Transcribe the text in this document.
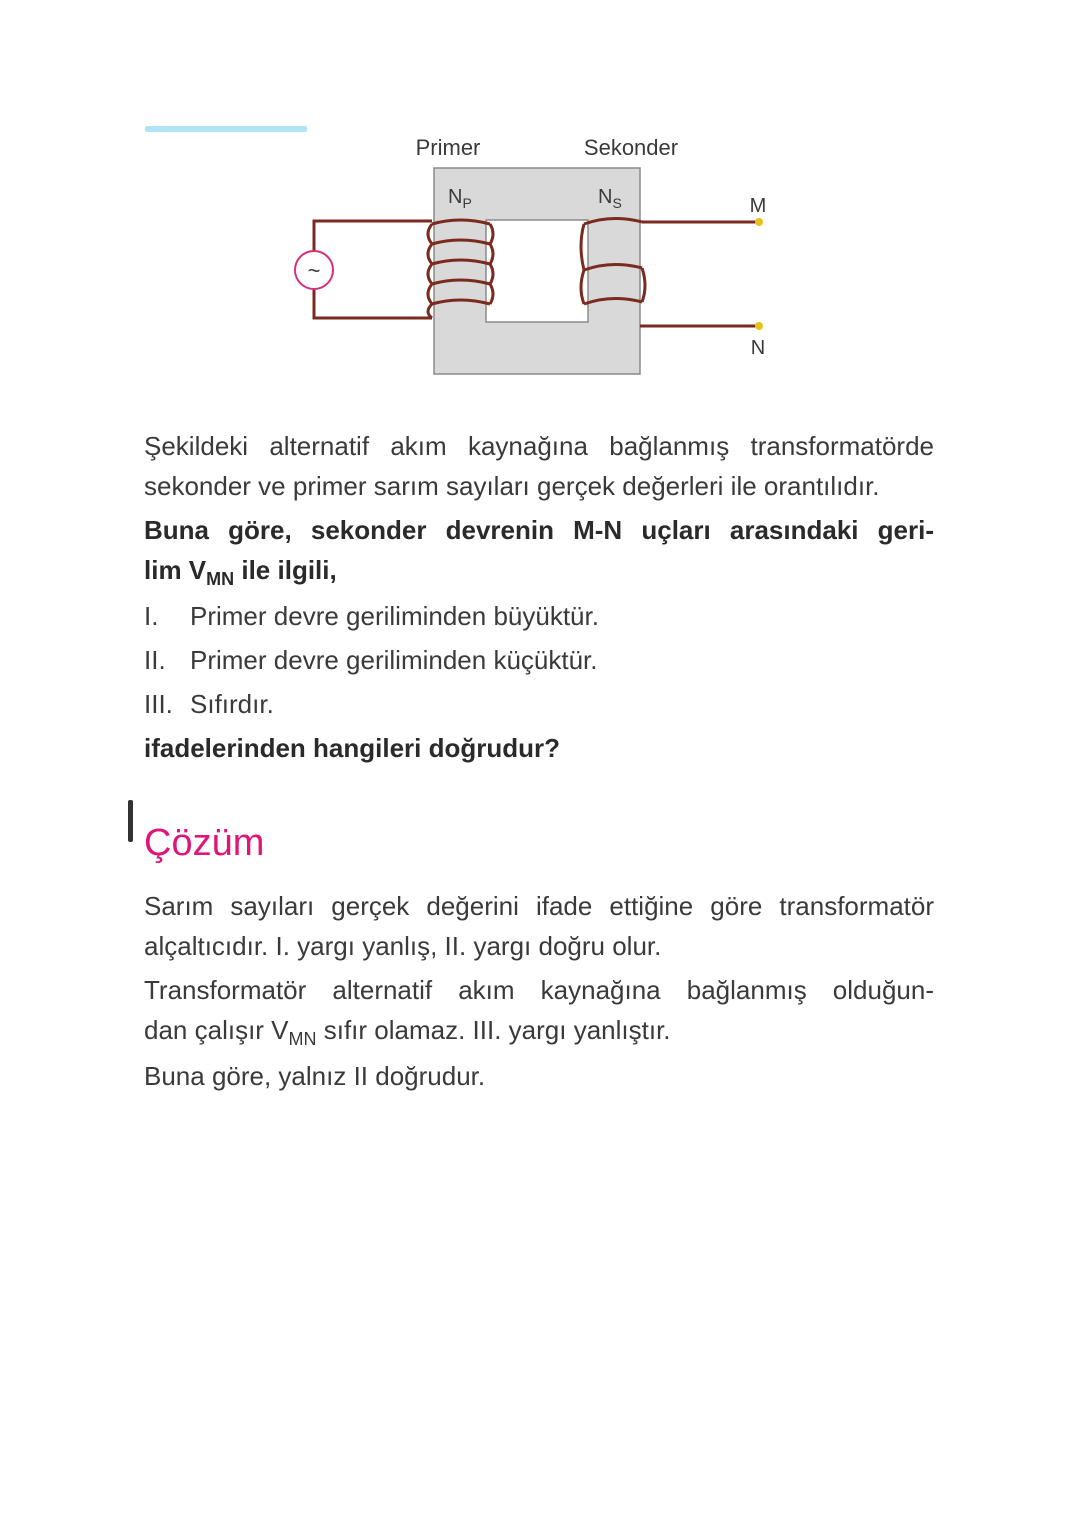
~
Primer	Sekonder
$N_P$	$N_S$	M
N

Şekildeki alternatif akım kaynağına bağlanmış transformatörde

sekonder ve primer sarım sayıları gerçek değerleri ile orantılıdır.

Buna göre, sekonder devrenin M-N uçları arasındaki geri-

$\lim V_{MN}$ ile ilgili,

I.	Primer devre geriliminden büyüktür.
II. Primer devre geriliminden küçüktür.
III. Sıfırdır.

ifadelerinden hangileri doğrudur?

Çözüm

Sarım sayıları gerçek değerini ifade ettiğine göre transformatör

alçaltıcıdır. I. yargı yanlış, II. yargı doğru olur.

Transformatör alternatif akım kaynağına bağlanmış olduğun-

dan çalışır $V_{MN}$ sıfır olamaz. III. yargı yanlıştır.

Buna göre, yalnız II doğrudur.
